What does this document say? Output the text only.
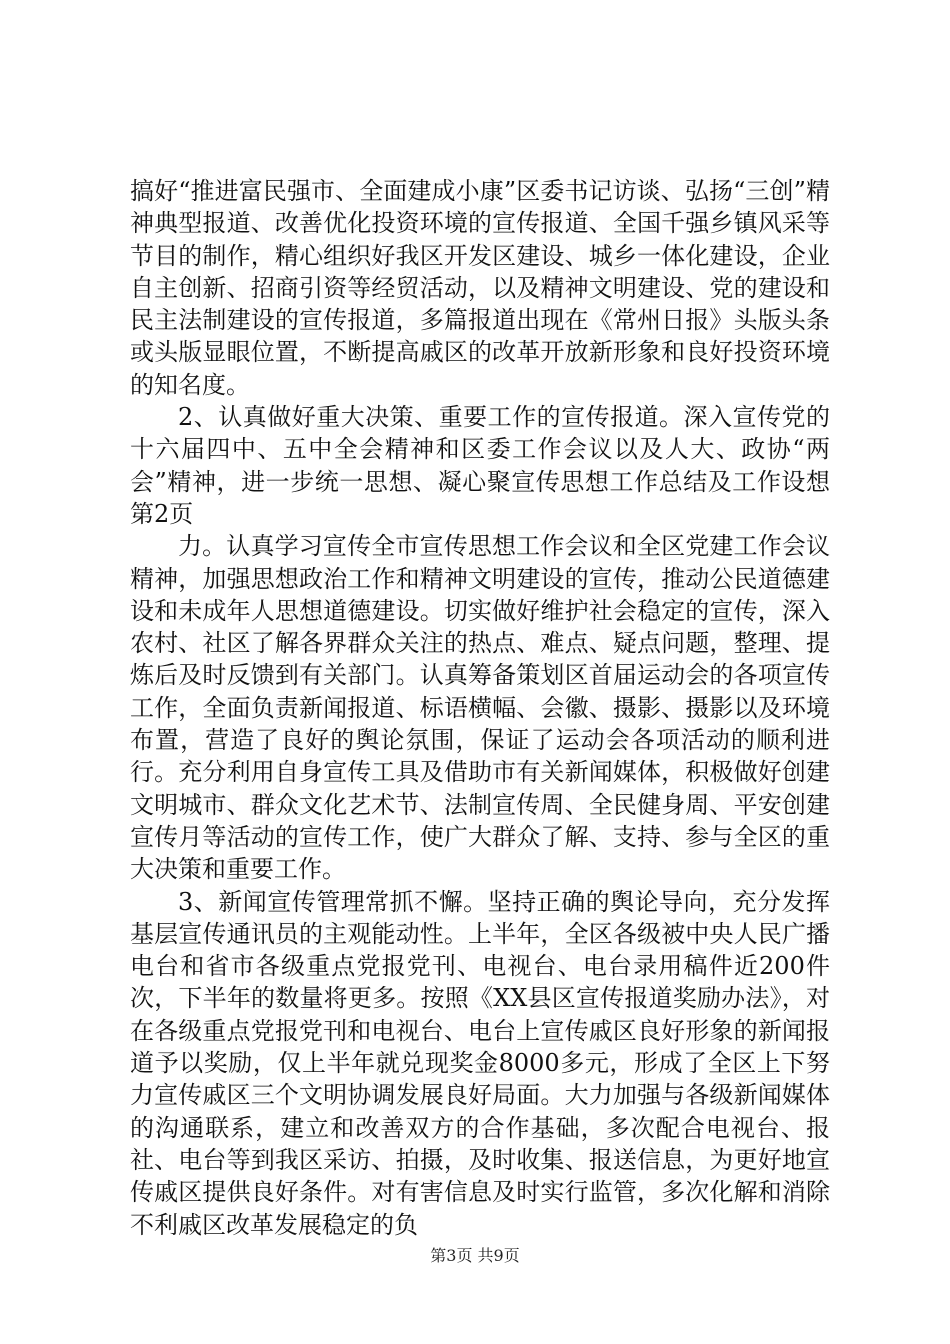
搞好“推进富民强市、全面建成小康”区委书记访谈、弘扬“三创”精神典型报道、改善优化投资环境的宣传报道、全国千强乡镇风采等节目的制作，精心组织好我区开发区建设、城乡一体化建设，企业自主创新、招商引资等经贸活动，以及精神文明建设、党的建设和民主法制建设的宣传报道，多篇报道出现在《常州日报》头版头条或头版显眼位置，不断提高戚区的改革开放新形象和良好投资环境的知名度。

2、认真做好重大决策、重要工作的宣传报道。深入宣传党的十六届四中、五中全会精神和区委工作会议以及人大、政协“两会”精神，进一步统一思想、凝心聚宣传思想工作总结及工作设想第2页

力。认真学习宣传全市宣传思想工作会议和全区党建工作会议精神，加强思想政治工作和精神文明建设的宣传，推动公民道德建设和未成年人思想道德建设。切实做好维护社会稳定的宣传，深入农村、社区了解各界群众关注的热点、难点、疑点问题，整理、提炼后及时反馈到有关部门。认真筹备策划区首届运动会的各项宣传工作，全面负责新闻报道、标语横幅、会徽、摄影、摄影以及环境布置，营造了良好的舆论氛围，保证了运动会各项活动的顺利进行。充分利用自身宣传工具及借助市有关新闻媒体，积极做好创建文明城市、群众文化艺术节、法制宣传周、全民健身周、平安创建宣传月等活动的宣传工作，使广大群众了解、支持、参与全区的重大决策和重要工作。

3、新闻宣传管理常抓不懈。坚持正确的舆论导向，充分发挥基层宣传通讯员的主观能动性。上半年，全区各级被中央人民广播电台和省市各级重点党报党刊、电视台、电台录用稿件近200件次，下半年的数量将更多。按照《XX县区宣传报道奖励办法》，对在各级重点党报党刊和电视台、电台上宣传戚区良好形象的新闻报道予以奖励，仅上半年就兑现奖金8000多元，形成了全区上下努力宣传戚区三个文明协调发展良好局面。大力加强与各级新闻媒体的沟通联系，建立和改善双方的合作基础，多次配合电视台、报社、电台等到我区采访、拍摄，及时收集、报送信息，为更好地宣传戚区提供良好条件。对有害信息及时实行监管，多次化解和消除不利戚区改革发展稳定的负

第3页 共9页
